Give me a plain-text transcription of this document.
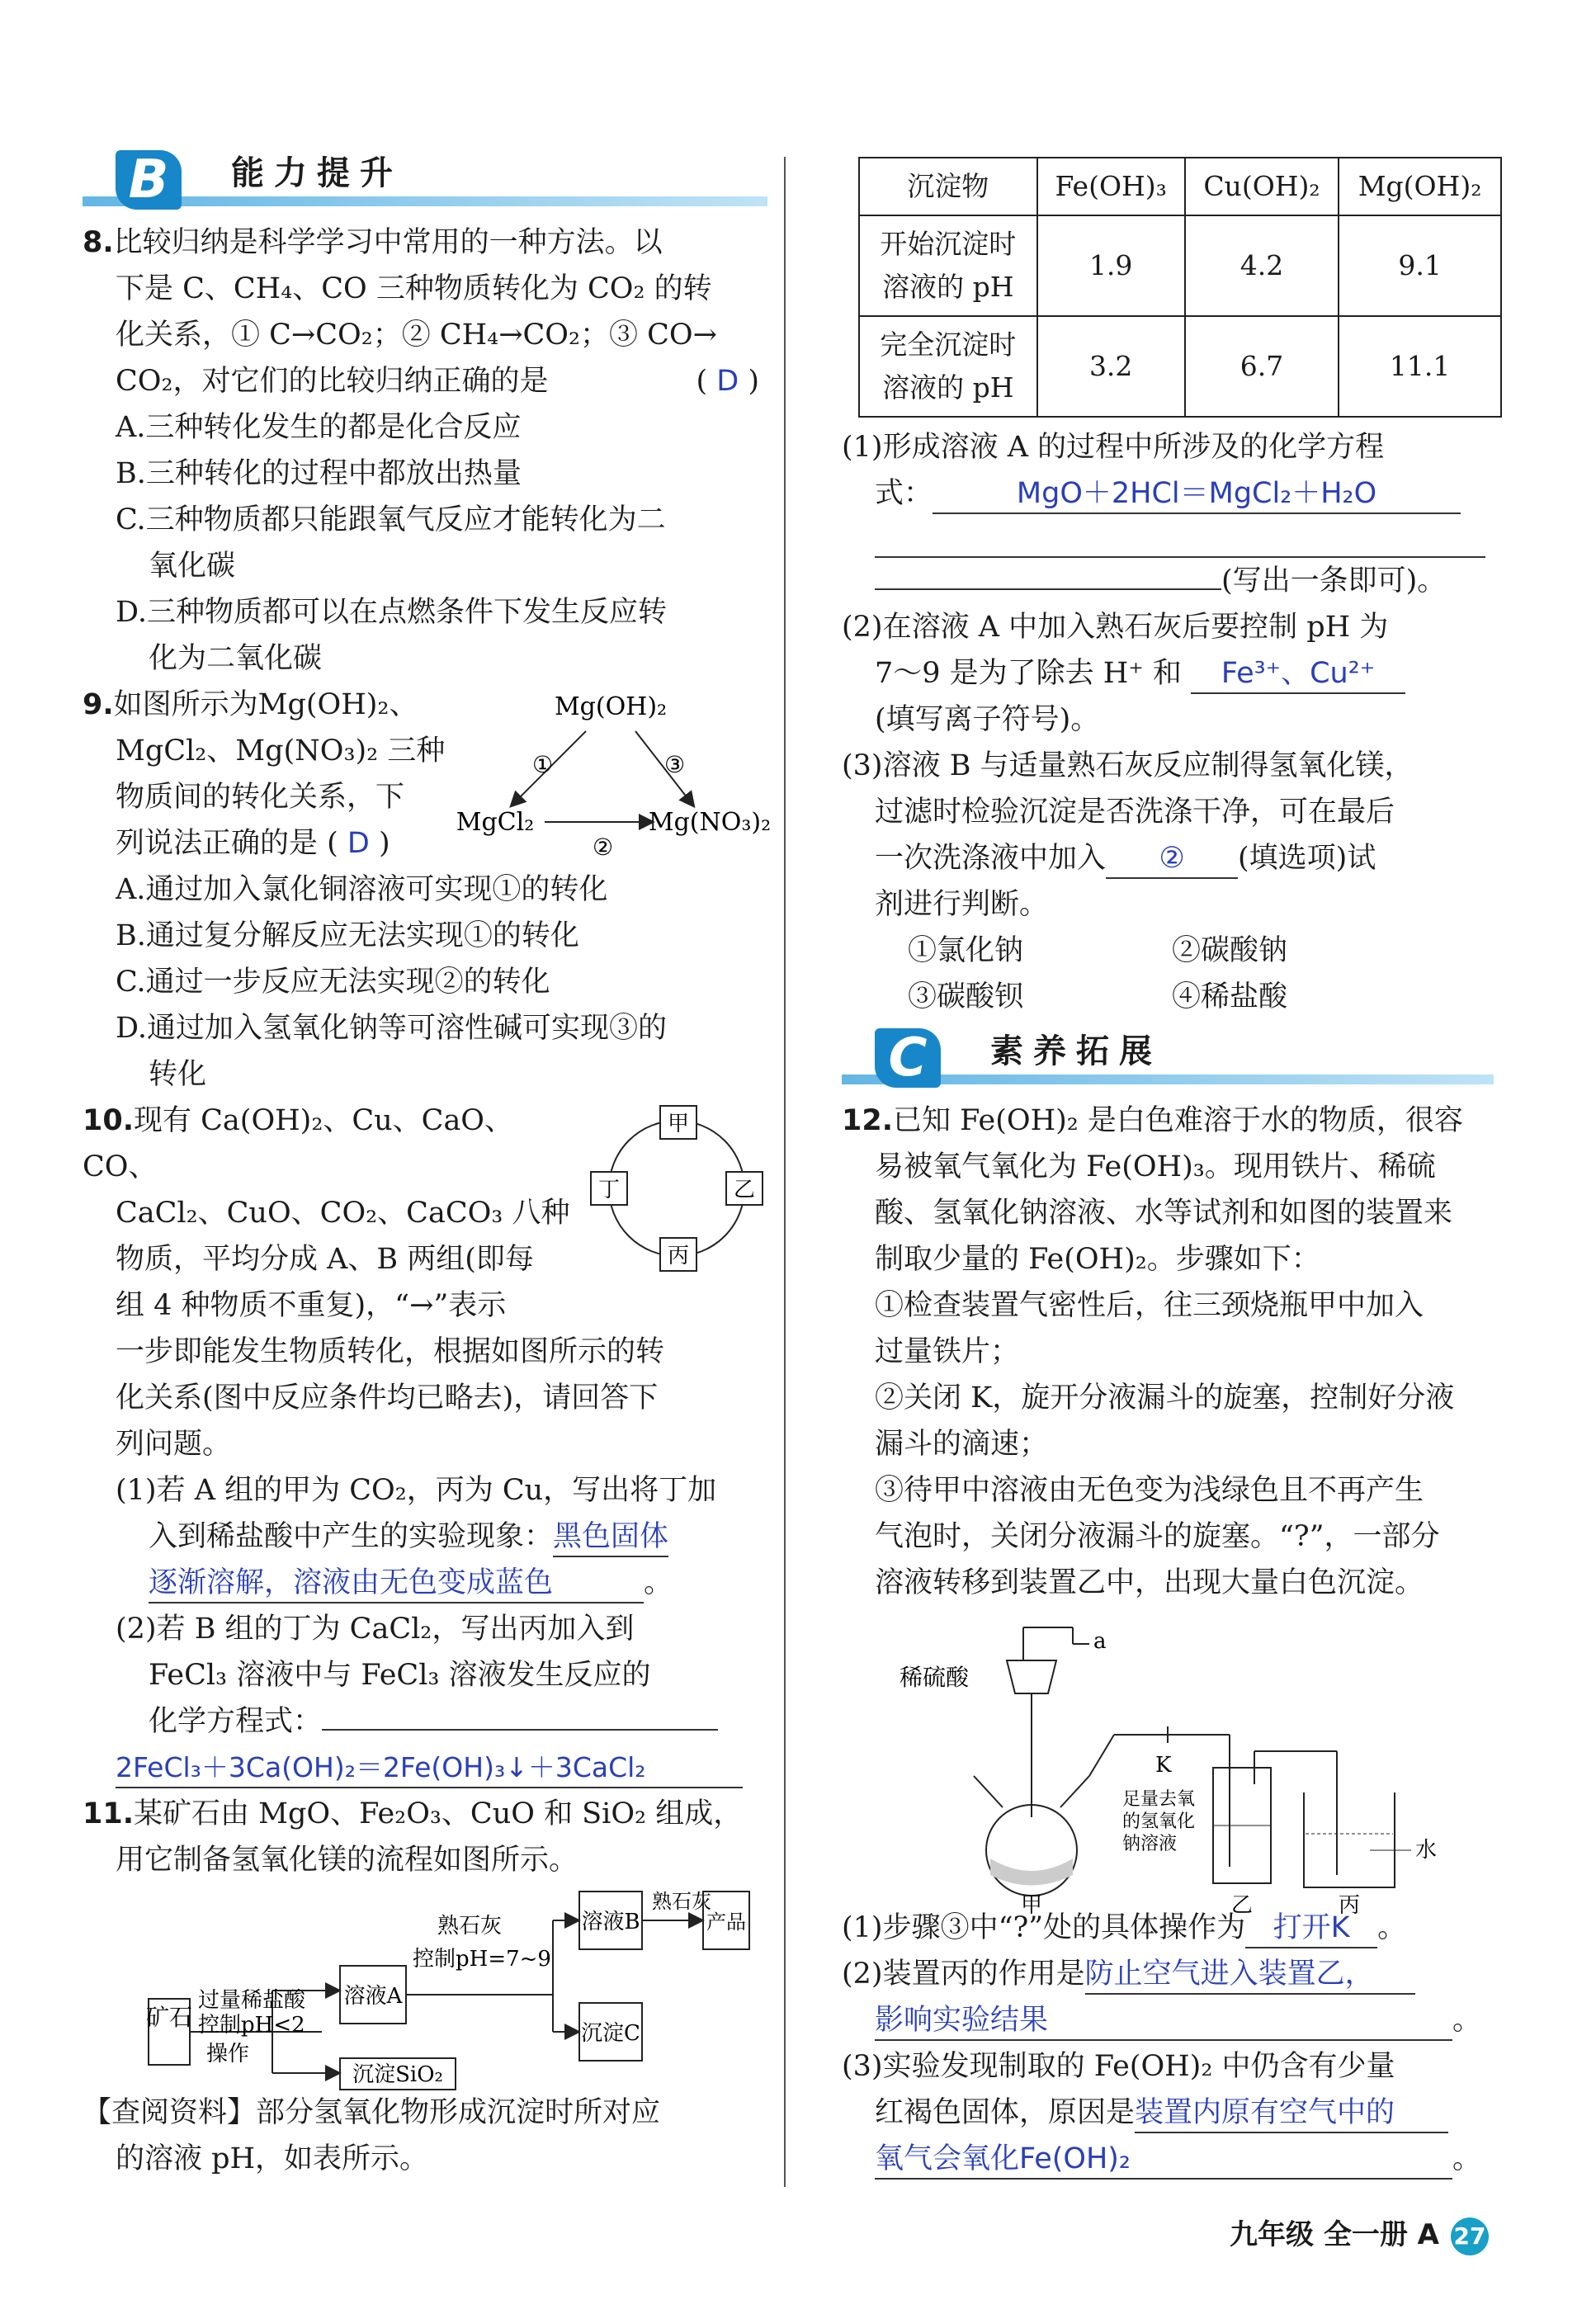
B	能力提升

8.比较归纳是科学学习中常用的一种方法。以

下是 C、CH₄、CO 三种物质转化为 CO₂ 的转

化关系，① C→CO₂；② CH₄→CO₂；③ CO→

CO₂，对它们的比较归纳正确的是	( D )

A.三种转化发生的都是化合反应

B.三种转化的过程中都放出热量

C.三种物质都只能跟氧气反应才能转化为二

氧化碳

D.三种物质都可以在点燃条件下发生反应转

化为二氧化碳

9.如图所示为Mg(OH)₂、

MgCl₂、Mg(NO₃)₂ 三种

物质间的转化关系，下

列说法正确的是 ( D )

Mg(OH)₂
MgCl₂	Mg(NO₃)₂
①	③
②

A.通过加入氯化铜溶液可实现①的转化

B.通过复分解反应无法实现①的转化

C.通过一步反应无法实现②的转化

D.通过加入氢氧化钠等可溶性碱可实现③的

转化

10.现有 Ca(OH)₂、Cu、CaO、CO、

CaCl₂、CuO、CO₂、CaCO₃ 八种

物质，平均分成 A、B 两组(即每

组 4 种物质不重复)，“→”表示

甲
乙
丙
丁

一步即能发生物质转化，根据如图所示的转

化关系(图中反应条件均已略去)，请回答下

列问题。

(1)若 A 组的甲为 CO₂，丙为 Cu，写出将丁加

入到稀盐酸中产生的实验现象：黑色固体

逐渐溶解，溶液由无色变成蓝色	。

(2)若 B 组的丁为 CaCl₂，写出丙加入到

FeCl₃ 溶液中与 FeCl₃ 溶液发生反应的

化学方程式：

2FeCl₃＋3Ca(OH)₂＝2Fe(OH)₃↓＋3CaCl₂

11.某矿石由 MgO、Fe₂O₃、CuO 和 SiO₂ 组成，

用它制备氢氧化镁的流程如图所示。

矿石
过量稀盐酸
控制pH<2
操作
溶液A
沉淀SiO₂
熟石灰
控制pH=7~9
溶液B
沉淀C
熟石灰
产品

【查阅资料】部分氢氧化物形成沉淀时所对应

的溶液 pH，如表所示。

沉淀物	Fe(OH)₃	Cu(OH)₂	Mg(OH)₂
开始沉淀时
溶液的 pH	1.9	4.2	9.1
完全沉淀时
溶液的 pH	3.2	6.7	11.1

(1)形成溶液 A 的过程中所涉及的化学方程

式：	MgO＋2HCl＝MgCl₂＋H₂O

(写出一条即可)。

(2)在溶液 A 中加入熟石灰后要控制 pH 为

7～9 是为了除去 H⁺ 和 Fe³⁺、Cu²⁺

(填写离子符号)。

(3)溶液 B 与适量熟石灰反应制得氢氧化镁，

过滤时检验沉淀是否洗涤干净，可在最后

一次洗涤液中加入 ② (填选项)试

剂进行判断。

①氯化钠	②碳酸钠
③碳酸钡	④稀盐酸
C	素养拓展

12.已知 Fe(OH)₂ 是白色难溶于水的物质，很容

易被氧气氧化为 Fe(OH)₃。现用铁片、稀硫

酸、氢氧化钠溶液、水等试剂和如图的装置来

制取少量的 Fe(OH)₂。步骤如下：

①检查装置气密性后，往三颈烧瓶甲中加入

过量铁片；

②关闭 K，旋开分液漏斗的旋塞，控制好分液

漏斗的滴速；

③待甲中溶液由无色变为浅绿色且不再产生

气泡时，关闭分液漏斗的旋塞。“?”，一部分

溶液转移到装置乙中，出现大量白色沉淀。

稀硫酸
a
K
甲
足量去氧
的氢氧化
钠溶液
乙
水
丙

(1)步骤③中“?”处的具体操作为 打开K 。

(2)装置丙的作用是防止空气进入装置乙，

影响实验结果	。

(3)实验发现制取的 Fe(OH)₂ 中仍含有少量

红褐色固体，原因是装置内原有空气中的

氧气会氧化Fe(OH)₂	。

九年级 全一册 A 27
